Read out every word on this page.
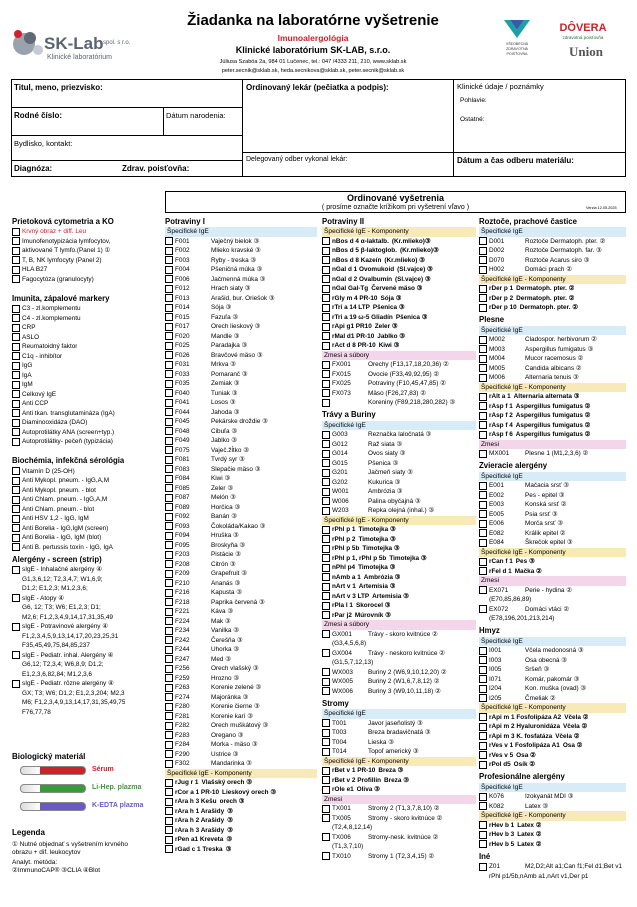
SK-Lab spol. s r.o.
Klinické laboratórium
Žiadanka na laboratórne vyšetrenie
Imunoalergológia
Klinické laboratórium SK-LAB, s.r.o.
Júliusa Szabóa 2a, 984 01 Lučenec, tel.: 047 /4333 211, 210, www.sklab.sk
peter.secnik@sklab.sk, heda.secnikova@sklab.sk, peter.secnik@sklab.sk
VŠEOBECNÁ ZDRAVOTNÁ POISŤOVŇA
DÔVERA
zdravotná poisťovňa
Union
Titul, meno, priezvisko:	Ordinovaný lekár (pečiatka a podpis):	Klinické údaje / poznámky
Pohlavie:
Ostatné:
Rodné číslo:	Dátum narodenia:
Bydlisko, kontakt:
Delegovaný odber vykonal lekár:	Dátum a čas odberu materiálu:
Diagnóza:	Zdrav. poisťovňa:
Ordinované vyšetrenia
( prosíme označte krížikom pri vyšetrení vľavo )	Verzia 12.05.2025
Prietoková cytometria a KO
Krvný obraz + diff. Leu
Imunofenotypizácia lymfocytov,
aktivované T lymfo.(Panel 1) ①
T, B, NK lymfocyty (Panel 2)
HLA B27
Fagocytóza (granulocyty)
Imunita, zápalové markery
C3 - zl.komplementu
C4 - zl.komplementu
CRP
ASLO
Reumatoidný faktor
C1q - inhibítor
IgG
IgA
IgM
Celkový IgE
Anti CCP
Anti tkan. transglutamináza (IgA)
Diaminooxidáza (DAO)
Autoprotilátky ANA (screen+typ.)
Autoprotilátky- pečeň (typizácia)
Biochémia, infekčná sérológia
Vitamín D (25-OH)
Anti Mykopl. pneum. - IgG,A,M
Anti Mykopl. pneum. - blot
Anti Chlam. pneum. - IgG,A,M
Anti Chlam. pneum. - blot
Anti HSV 1,2 - IgG, IgM
Anti Borelia - IgG,IgM (screen)
Anti Borelia - IgG, IgM (blot)
Anti B. pertussis toxín - IgG, IgA
Alergény - screen (strip)
sIgE - Inhalačné alergény ④
G1,3,6,12; T2,3,4,7; W1,6,9;
D1,2; E1,2,3; M1,2,3,6;
sIgE - Atopy ④
G6, 12; T3; W6; E1,2,3; D1;
M2,6; F1,2,3,4,9,14,17,31,35,49
sIgE - Potravinové alergény ④
F1,2,3,4,5,9,13,14,17,20,23,25,31
F35,45,49,75,84,85,237
sIgE - Pediatr. inhal. Alergény ④
G6,12; T2,3,4; W6,8,9; D1,2;
E1,2,3,6,82,84; M1,2,3,6
sIgE - Pediatr. rôzne alergény ④
GX; T3; W6; D1,2; E1,2,3,204; M2,3
M6; F1,2,3,4,9,13,14,17,31,35,49,75
F76,77,78
Potraviny I
Špecifické IgE
F001	Vaječný bielok ③
F002	Mlieko kravské ③
F003	Ryby - treska ③
F004	Pšeničná múka ③
F006	Jačmenná múka ③
F012	Hrach siaty ③
F013	Arašid, bur. Oriešok ③
F014	Sója ③
F015	Fazuľa ③
F017	Orech lieskový ③
F020	Mandle ③
F025	Paradajka ③
F026	Bravčové mäso ③
F031	Mrkva ③
F033	Pomaranč ③
F035	Zemiak ③
F040	Tuniak ③
F041	Losos ③
F044	Jahoda ③
F045	Pekárske droždie ③
F048	Cibuľa ③
F049	Jablko ③
F075	Vaječ.žĺtko ③
F081	Tvrdý syr ③
F083	Slepačie mäso ③
F084	Kiwi ③
F085	Zeler ③
F087	Melón ③
F089	Horčica ③
F092	Banán ③
F093	Čokoláda/Kakao ③
F094	Hruška ③
F095	Broskyňa ③
F203	Pistácie ③
F208	Citrón ③
F209	Grapefruit ③
F210	Ananás ③
F216	Kapusta ③
F218	Paprika červená ③
F221	Káva ③
F224	Mak ③
F234	Vanilka ③
F242	Čerešňa ③
F244	Uhorka ③
F247	Med ③
F256	Orech vlašský ③
F259	Hrozno ③
F263	Korenie zelené ③
F274	Majoránka ③
F280	Korenie čierne ③
F281	Korenie karí ③
F282	Orech muškátový ③
F283	Oregano ③
F284	Morka - mäso ③
F290	Ustrice ③
F302	Mandarinka ③
Špecifické IgE - Komponenty
rJug r 1 Vlašský orech ③
rCor a 1 PR-10 Lieskový orech ③
rAra h 3 Kešu orech ③
rAra h 1 Arašidy ③
rAra h 2 Arašidy ③
rAra h 3 Arašidy ③
rPen a1 Kreveta ③
rGad c 1 Treska ③
Potraviny II
Špecifické IgE - Komponenty
nBos d 4 α-laktalb. (Kr.mlieko)③
nBos d 5 β-laktoglob. (Kr.mlieko)③
nBos d 8 Kazeín (Kr.mlieko) ③
nGal d 1 Ovomukoid (Sl.vajce) ③
nGal d 2 Ovalbumín (Sl.vajce) ③
nGal Gal-Tg Červené mäso ③
rGly m 4 PR-10 Sója ③
rTri a 14 LTP Pšenica ③
rTri a 19 ω-5 Gliadín Pšenica ③
rApi g1 PR10 Zeler ③
rMal d1 PR-10 Jablko ③
rAct d 8 PR-10 Kiwi ③
Zmesi a súbory
FX001	Orechy (F13,17,18,20,36) ②
FX015	Ovocie (F33,49,92,95) ②
FX025	Potraviny (F10,45,47,85) ②
FX073	Mäso (F26,27,83) ②
Koreniny (F89,218,280,282) ③
Trávy a Buriny
Špecifické IgE
G003	Reznačka laločnatá ③
G012	Raž siata ③
G014	Ovos siaty ③
G015	Pšenica ③
G201	Jačmeň siaty ③
G202	Kukurica ③
W001	Ambrózia ③
W006	Palina obyčajná ③
W203	Repka olejná (inhal.) ③
Špecifické IgE - Komponenty
rPhl p 1 Timotejka ③
rPhl p 2 Timotejka ③
rPhl p 5b Timotejka ③
rPhl p 1, rPhl p 5b Timotejka ③
nPhl p4 Timotejka ③
nAmb a 1 Ambrózia ③
nArt v 1 Artemisia ③
nArt v 3 LTP Artemisia ③
rPla l 1 Skorocel ③
rPar j2 Múrovník ③
Zmesi a súbory
GX001	Trávy - skoro kvitnúce ②
(G3,4,5,6,8)
GX004	Trávy - neskoro kvitnúce ②
(G1,5,7,12,13)
WX003	Buriny 2 (W6,9,10,12,20) ②
WX005	Buriny 2 (W1,6,7,8,12) ②
WX006	Buriny 3 (W9,10,11,18) ②
Stromy
Špecifické IgE
T001	Javor jaseňolistý ③
T003	Breza bradavičnatá ③
T004	Lieska ③
T014	Topoľ americký ③
Špecifické IgE - Komponenty
rBet v 1 PR-10 Breza ③
rBet v 2 Profillin Breza ③
rOle e1 Oliva ③
Zmesi
TX001	Stromy 2 (T1,3,7,8,10) ②
TX005	Stromy - skoro kvitnúce ②
(T2,4,8,12,14)
TX006	Stromy-nesk. kvitnúce ②
(T1,3,7,10)
TX010	Stromy 1 (T2,3,4,15) ②
Roztoče, prachové častice
Špecifické IgE
D001	Roztoče Dermatoph. pter. ②
D002	Roztoče Dermatoph. far. ③
D070	Roztoče Acarus siro ③
H002	Domáci prach ②
Špecifické IgE - Komponenty
rDer p 1 Dermatoph. pter. ②
rDer p 2 Dermatoph. pter. ②
rDer p 10 Dermatoph. pter. ②
Plesne
Špecifické IgE
M002	Cladospor. herbivorum ②
M003	Aspergillus fumigatus ③
M004	Mucor racemosus ②
M005	Candida albicans ②
M006	Alternaria tenuis ③
Špecifické IgE - Komponenty
rAlt a 1 Alternaria alternata ③
rAsp f 1 Aspergillus fumigatus ②
rAsp f 2 Aspergillus fumigatus ②
rAsp f 4 Aspergillus fumigatus ②
rAsp f 6 Aspergillus fumigatus ②
Zmesi
MX001	Plesne 1 (M1,2,3,6) ②
Zvieracie alergény
Špecifické IgE
E001	Mačacia srsť ③
E002	Pes - epitel ③
E003	Konská srsť ②
E005	Psia srsť ③
E006	Morča srsť ③
E082	Králik epitel ②
E084	Škrečok epitel ③
Špecifické IgE - Komponenty
rCan f 1 Pes ③
rFel d 1 Mačka ②
Zmesi
EX071	Perie - hydina ②
(E70,85,86,89)
EX072	Domáci vtáci ②
(E78,196,201,213,214)
Hmyz
Špecifické IgE
I001	Včela medonosná ③
I003	Osa obecná ③
I005	Sršeň ③
I071	Komár, pakomár ③
I204	Kon. muška (ovad) ③
I205	Čmeliak ②
Špecifické IgE - Komponenty
rApi m 1 Fosfolipáza A2 Včela ②
rApi m 2 Hyaluronidáza Včela ②
rApi m 3 K. fosfatáza Včela ②
rVes v 1 Fosfolipáza A1 Osa ②
rVes v 5 Osa ②
rPol d5 Osík ②
Profesionálne alergény
Špecifické IgE
K076	Izokyanát MDI ③
K082	Latex ③
Špecifické IgE - Komponenty
rHev b 1 Latex ②
rHev b 3 Latex ②
rHev b 5 Latex ②
Iné
Z01	M2,D2;Alt a1;Can f1;Fel d1;Bet v1
rPhl p1/5b,nAmb a1,nArt v1,Der p1
Biologický materiál
Sérum
Li-Hep. plazma
K-EDTA plazma
Legenda
① Nutné objednať s vyšetrením krvného obrazu + dif. leukocytov
Analyt. metóda:
②ImmunoCAP® ③CLIA ④Blot
